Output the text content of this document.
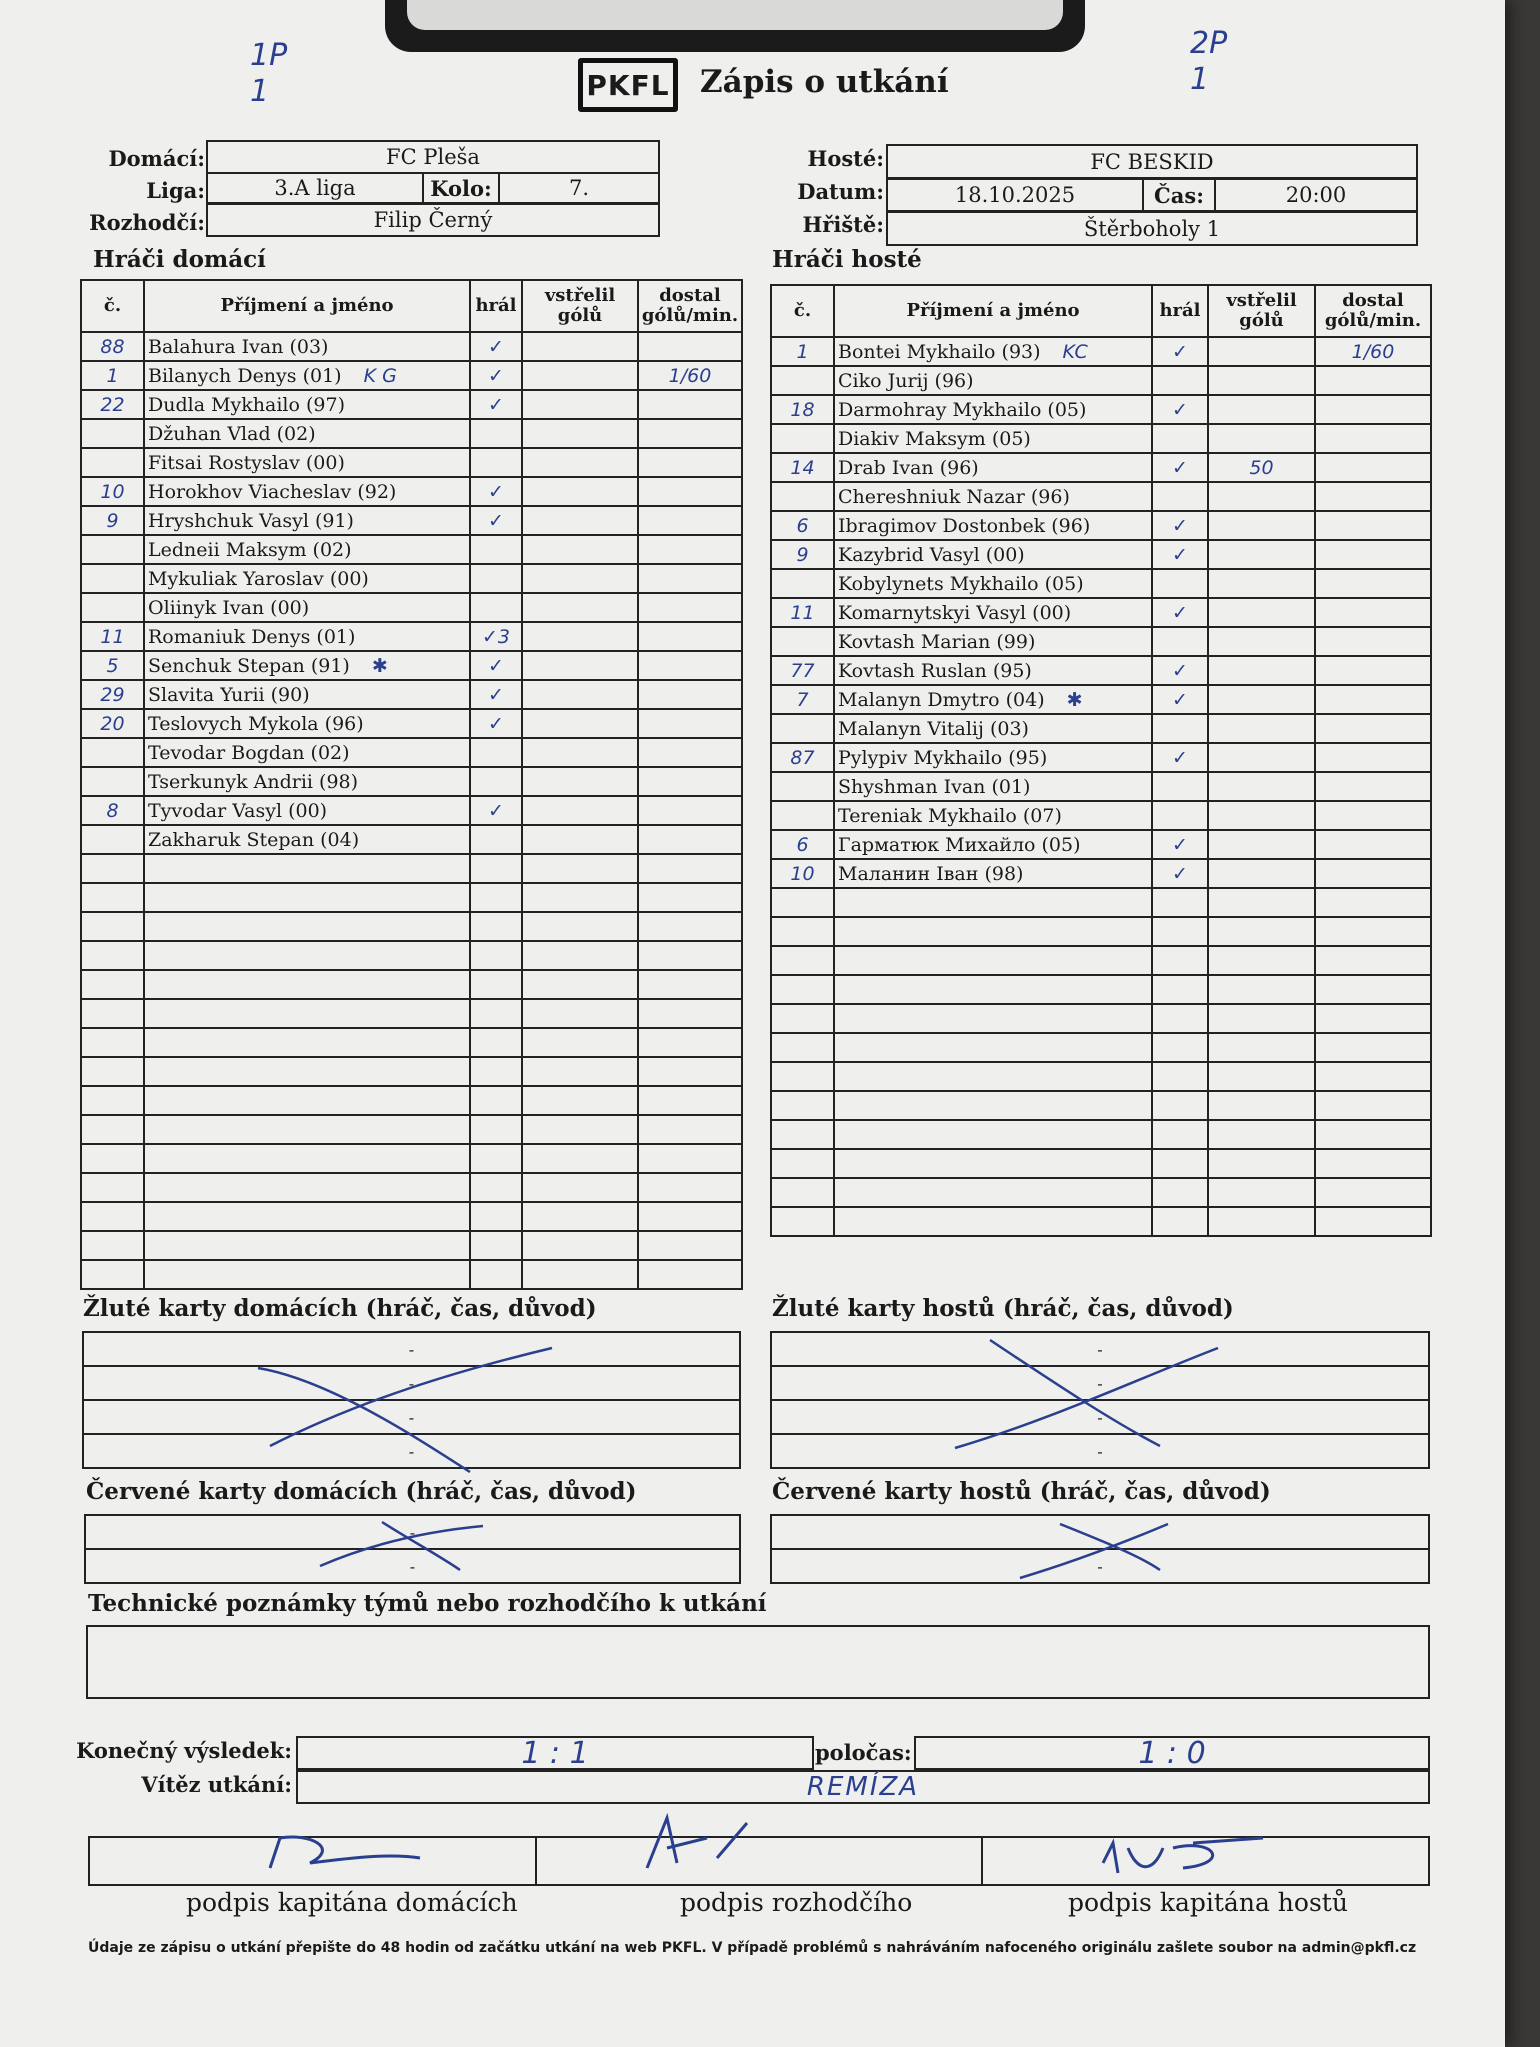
PKFL Zápis o utkání
1P
1
2P
1
Domácí:	FC Pleša
Liga:	3.A liga	Kolo:	7.
Rozhodčí:	Filip Černý
Hosté:	FC BESKID
Datum:	18.10.2025	Čas:	20:00
Hřiště:	Štěrboholy 1
Hráči domácí	Hráči hosté
č.	Příjmení a jméno	hrál	vstřelil gólů	dostal gólů/min.
88	Balahura Ivan (03)	✓		
1	Bilanych Denys (01) K G	✓		1/60
22	Dudla Mykhailo (97)	✓		
	Džuhan Vlad (02)			
	Fitsai Rostyslav (00)			
10	Horokhov Viacheslav (92)	✓		
9	Hryshchuk Vasyl (91)	✓		
	Ledneii Maksym (02)			
	Mykuliak Yaroslav (00)			
	Oliinyk Ivan (00)			
11	Romaniuk Denys (01)	✓3		
5	Senchuk Stepan (91) ✱	✓		
29	Slavita Yurii (90)	✓		
20	Teslovych Mykola (96)	✓		
	Tevodar Bogdan (02)			
	Tserkunyk Andrii (98)			
8	Tyvodar Vasyl (00)	✓		
	Zakharuk Stepan (04)			

č.	Příjmení a jméno	hrál	vstřelil gólů	dostal gólů/min.
1	Bontei Mykhailo (93) KC	✓		1/60
	Ciko Jurij (96)			
18	Darmohray Mykhailo (05)	✓		
	Diakiv Maksym (05)			
14	Drab Ivan (96)	✓	50	
	Chereshniuk Nazar (96)			
6	Ibragimov Dostonbek (96)	✓		
9	Kazybrid Vasyl (00)	✓		
	Kobylynets Mykhailo (05)			
11	Komarnytskyi Vasyl (00)	✓		
	Kovtash Marian (99)			
77	Kovtash Ruslan (95)	✓		
7	Malanyn Dmytro (04) ✱	✓		
	Malanyn Vitalij (03)			
87	Pylypiv Mykhailo (95)	✓		
	Shyshman Ivan (01)			
	Tereniak Mykhailo (07)			
6	Гарматюк Михайло (05)	✓		
10	Маланин Іван (98)	✓		

Žluté karty domácích (hráč, čas, důvod)	Žluté karty hostů (hráč, čas, důvod)
-
-
-
-
-
-
-
-
Červené karty domácích (hráč, čas, důvod)	Červené karty hostů (hráč, čas, důvod)
-
-	-
Technické poznámky týmů nebo rozhodčího k utkání
Konečný výsledek:	1 : 1	poločas:	1 : 0
Vítěz utkání:	REMÍZA
podpis kapitána domácích	podpis rozhodčího	podpis kapitána hostů
Údaje ze zápisu o utkání přepište do 48 hodin od začátku utkání na web PKFL. V případě problémů s nahráváním nafoceného originálu zašlete soubor na admin@pkfl.cz
